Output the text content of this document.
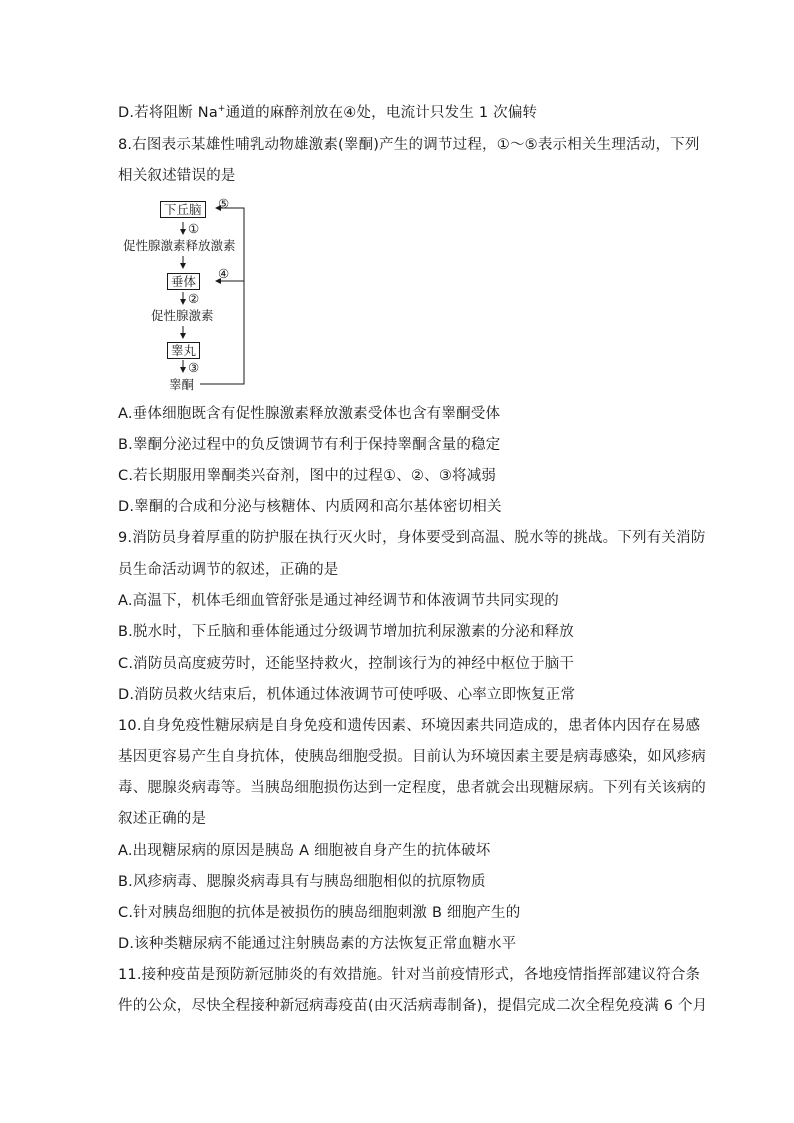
D.若将阻断 Na+通道的麻醉剂放在④处，电流计只发生 1 次偏转
8.右图表示某雄性哺乳动物雄激素(睾酮)产生的调节过程，①～⑤表示相关生理活动，下列
相关叙述错误的是
下丘脑
①
促性腺激素释放激素
垂体
②
促性腺激素
睾丸
③
睾酮
④
⑤
A.垂体细胞既含有促性腺激素释放激素受体也含有睾酮受体
B.睾酮分泌过程中的负反馈调节有利于保持睾酮含量的稳定
C.若长期服用睾酮类兴奋剂，图中的过程①、②、③将减弱
D.睾酮的合成和分泌与核糖体、内质网和高尔基体密切相关
9.消防员身着厚重的防护服在执行灭火时，身体要受到高温、脱水等的挑战。下列有关消防
员生命活动调节的叙述，正确的是
A.高温下，机体毛细血管舒张是通过神经调节和体液调节共同实现的
B.脱水时，下丘脑和垂体能通过分级调节增加抗利尿激素的分泌和释放
C.消防员高度疲劳时，还能坚持救火，控制该行为的神经中枢位于脑干
D.消防员救火结束后，机体通过体液调节可使呼吸、心率立即恢复正常
10.自身免疫性糖尿病是自身免疫和遗传因素、环境因素共同造成的，患者体内因存在易感
基因更容易产生自身抗体，使胰岛细胞受损。目前认为环境因素主要是病毒感染，如风疹病
毒、腮腺炎病毒等。当胰岛细胞损伤达到一定程度，患者就会出现糖尿病。下列有关该病的
叙述正确的是
A.出现糖尿病的原因是胰岛 A 细胞被自身产生的抗体破坏
B.风疹病毒、腮腺炎病毒具有与胰岛细胞相似的抗原物质
C.针对胰岛细胞的抗体是被损伤的胰岛细胞刺激 B 细胞产生的
D.该种类糖尿病不能通过注射胰岛素的方法恢复正常血糖水平
11.接种疫苗是预防新冠肺炎的有效措施。针对当前疫情形式，各地疫情指挥部建议符合条
件的公众，尽快全程接种新冠病毒疫苗(由灭活病毒制备)，提倡完成二次全程免疫满 6 个月
